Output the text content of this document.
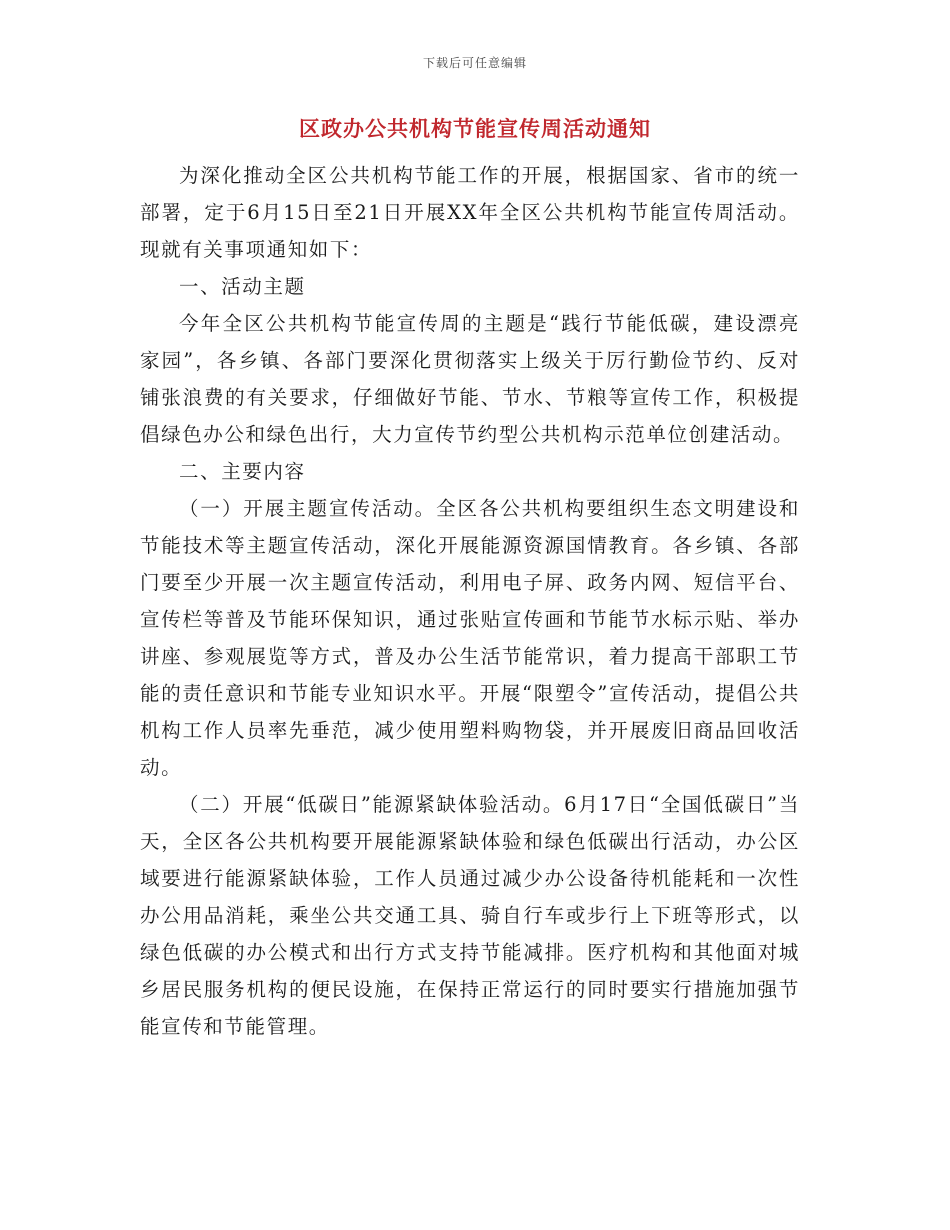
下载后可任意编辑
区政办公共机构节能宣传周活动通知

为深化推动全区公共机构节能工作的开展，根据国家、省市的统一部署，定于6月15日至21日开展XX年全区公共机构节能宣传周活动。现就有关事项通知如下：

一、活动主题

今年全区公共机构节能宣传周的主题是“践行节能低碳，建设漂亮家园”，各乡镇、各部门要深化贯彻落实上级关于厉行勤俭节约、反对铺张浪费的有关要求，仔细做好节能、节水、节粮等宣传工作，积极提倡绿色办公和绿色出行，大力宣传节约型公共机构示范单位创建活动。

二、主要内容

（一）开展主题宣传活动。全区各公共机构要组织生态文明建设和节能技术等主题宣传活动，深化开展能源资源国情教育。各乡镇、各部门要至少开展一次主题宣传活动，利用电子屏、政务内网、短信平台、宣传栏等普及节能环保知识，通过张贴宣传画和节能节水标示贴、举办讲座、参观展览等方式，普及办公生活节能常识，着力提高干部职工节能的责任意识和节能专业知识水平。开展“限塑令”宣传活动，提倡公共机构工作人员率先垂范，减少使用塑料购物袋，并开展废旧商品回收活动。

（二）开展“低碳日”能源紧缺体验活动。6月17日“全国低碳日”当天，全区各公共机构要开展能源紧缺体验和绿色低碳出行活动，办公区域要进行能源紧缺体验，工作人员通过减少办公设备待机能耗和一次性办公用品消耗，乘坐公共交通工具、骑自行车或步行上下班等形式，以绿色低碳的办公模式和出行方式支持节能减排。医疗机构和其他面对城乡居民服务机构的便民设施，在保持正常运行的同时要实行措施加强节能宣传和节能管理。
